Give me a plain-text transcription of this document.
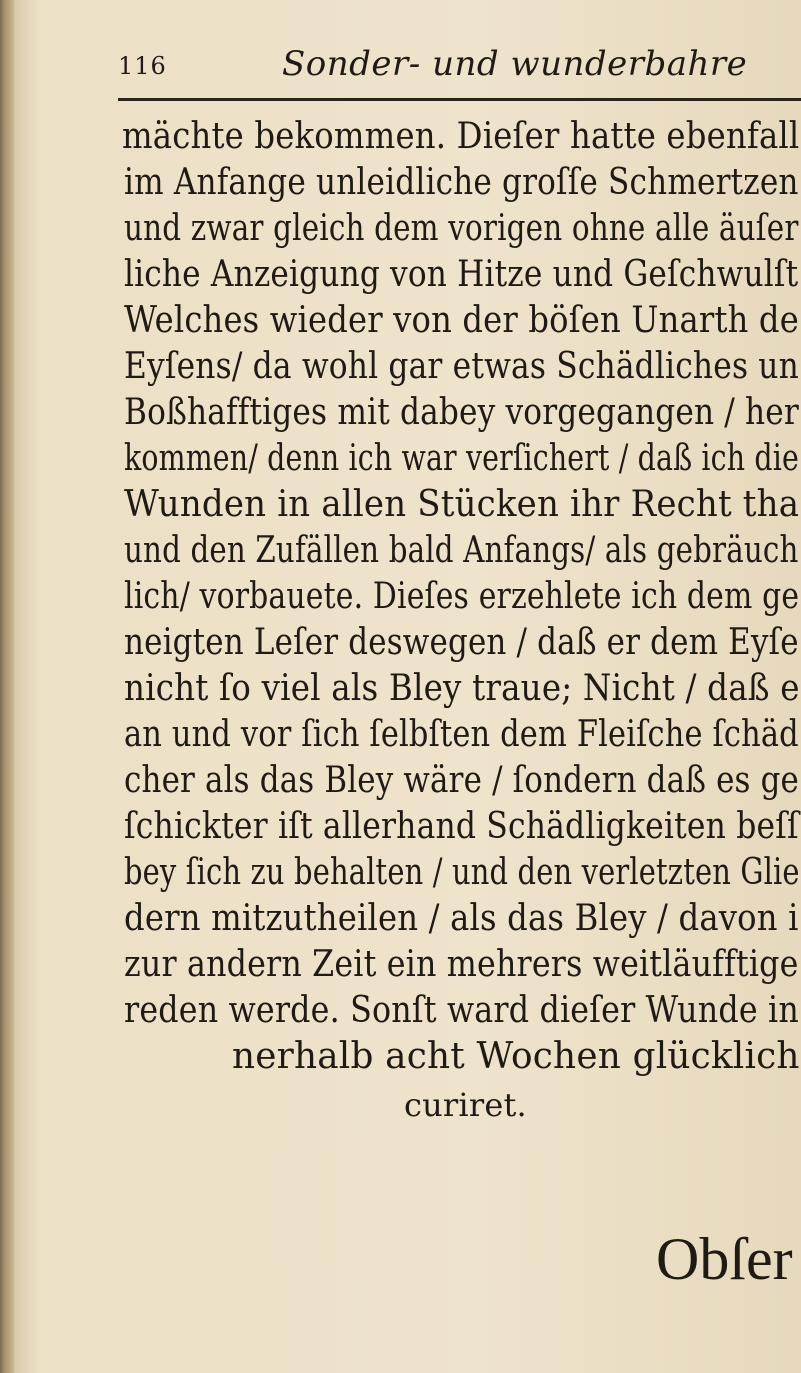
116	Sonder- und wunderbahre
mächte bekommen. Dieſer hatte ebenfall
im Anfange unleidliche groſſe Schmertzen
und zwar gleich dem vorigen ohne alle äuſer
liche Anzeigung von Hitze und Geſchwulſt
Welches wieder von der böſen Unarth de
Eyſens/ da wohl gar etwas Schädliches un
Boßhafftiges mit dabey vorgegangen / her
kommen/ denn ich war verſichert / daß ich die
Wunden in allen Stücken ihr Recht tha
und den Zufällen bald Anfangs/ als gebräuch
lich/ vorbauete. Dieſes erzehlete ich dem ge
neigten Leſer deswegen / daß er dem Eyſe
nicht ſo viel als Bley traue; Nicht / daß e
an und vor ſich ſelbſten dem Fleiſche ſchäd
cher als das Bley wäre / ſondern daß es ge
ſchickter iſt allerhand Schädligkeiten beſſ
bey ſich zu behalten / und den verletzten Glie
dern mitzutheilen / als das Bley / davon i
zur andern Zeit ein mehrers weitläufftige
reden werde. Sonſt ward dieſer Wunde in
nerhalb acht Wochen glücklich
curiret.
Obſer
